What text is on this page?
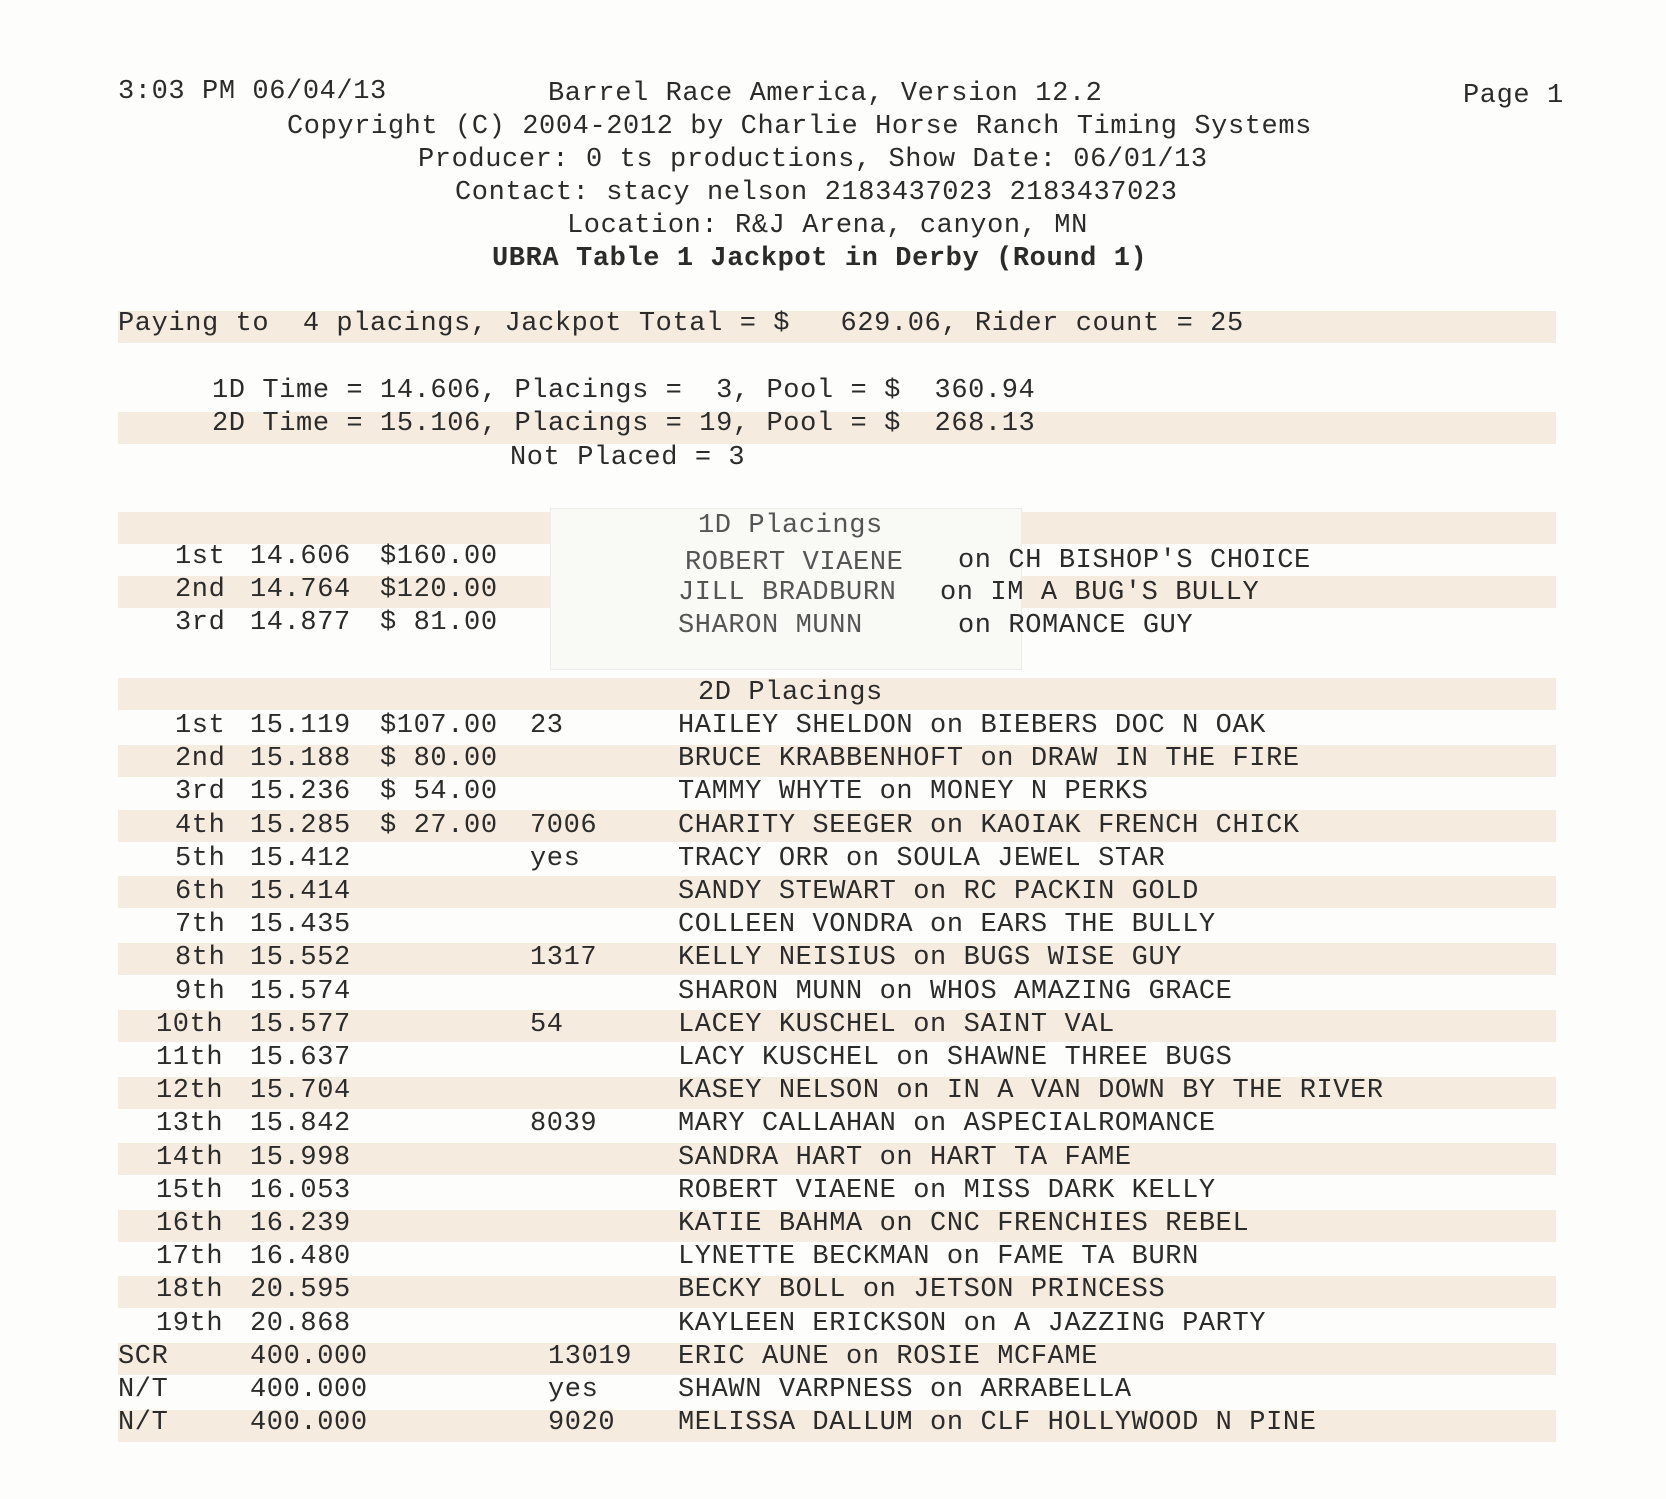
3:03 PM 06/04/13	Barrel Race America, Version 12.2	Page 1
Copyright (C) 2004-2012 by Charlie Horse Ranch Timing Systems
Producer: 0 ts productions, Show Date: 06/01/13
Contact: stacy nelson 2183437023 2183437023
Location: R&J Arena, canyon, MN
UBRA Table 1 Jackpot in Derby (Round 1)
Paying to  4 placings, Jackpot Total = $   629.06, Rider count = 25
1D Time = 14.606, Placings =  3, Pool = $  360.94
2D Time = 15.106, Placings = 19, Pool = $  268.13
Not Placed = 3
1D Placings
1st 14.606 $160.00	ROBERT VIAENE on CH BISHOP'S CHOICE
2nd 14.764 $120.00	JILL BRADBURN on IM A BUG'S BULLY
3rd 14.877 $ 81.00	SHARON MUNN	on ROMANCE GUY
2D Placings
1st 15.119 $107.00 23	HAILEY SHELDON on BIEBERS DOC N OAK
2nd 15.188 $ 80.00	BRUCE KRABBENHOFT on DRAW IN THE FIRE
3rd 15.236 $ 54.00	TAMMY WHYTE on MONEY N PERKS
4th 15.285 $ 27.00 7006	CHARITY SEEGER on KAOIAK FRENCH CHICK
5th 15.412	yes	TRACY ORR on SOULA JEWEL STAR
6th 15.414	SANDY STEWART on RC PACKIN GOLD
7th 15.435	COLLEEN VONDRA on EARS THE BULLY
8th 15.552	1317	KELLY NEISIUS on BUGS WISE GUY
9th 15.574	SHARON MUNN on WHOS AMAZING GRACE
10th 15.577	54	LACEY KUSCHEL on SAINT VAL
11th 15.637	LACY KUSCHEL on SHAWNE THREE BUGS
12th 15.704	KASEY NELSON on IN A VAN DOWN BY THE RIVER
13th 15.842	8039	MARY CALLAHAN on ASPECIALROMANCE
14th 15.998	SANDRA HART on HART TA FAME
15th 16.053	ROBERT VIAENE on MISS DARK KELLY
16th 16.239	KATIE BAHMA on CNC FRENCHIES REBEL
17th 16.480	LYNETTE BECKMAN on FAME TA BURN
18th 20.595	BECKY BOLL on JETSON PRINCESS
19th 20.868	KAYLEEN ERICKSON on A JAZZING PARTY
SCR	400.000	13019 ERIC AUNE on ROSIE MCFAME
N/T	400.000	yes	SHAWN VARPNESS on ARRABELLA
N/T	400.000	9020 MELISSA DALLUM on CLF HOLLYWOOD N PINE
